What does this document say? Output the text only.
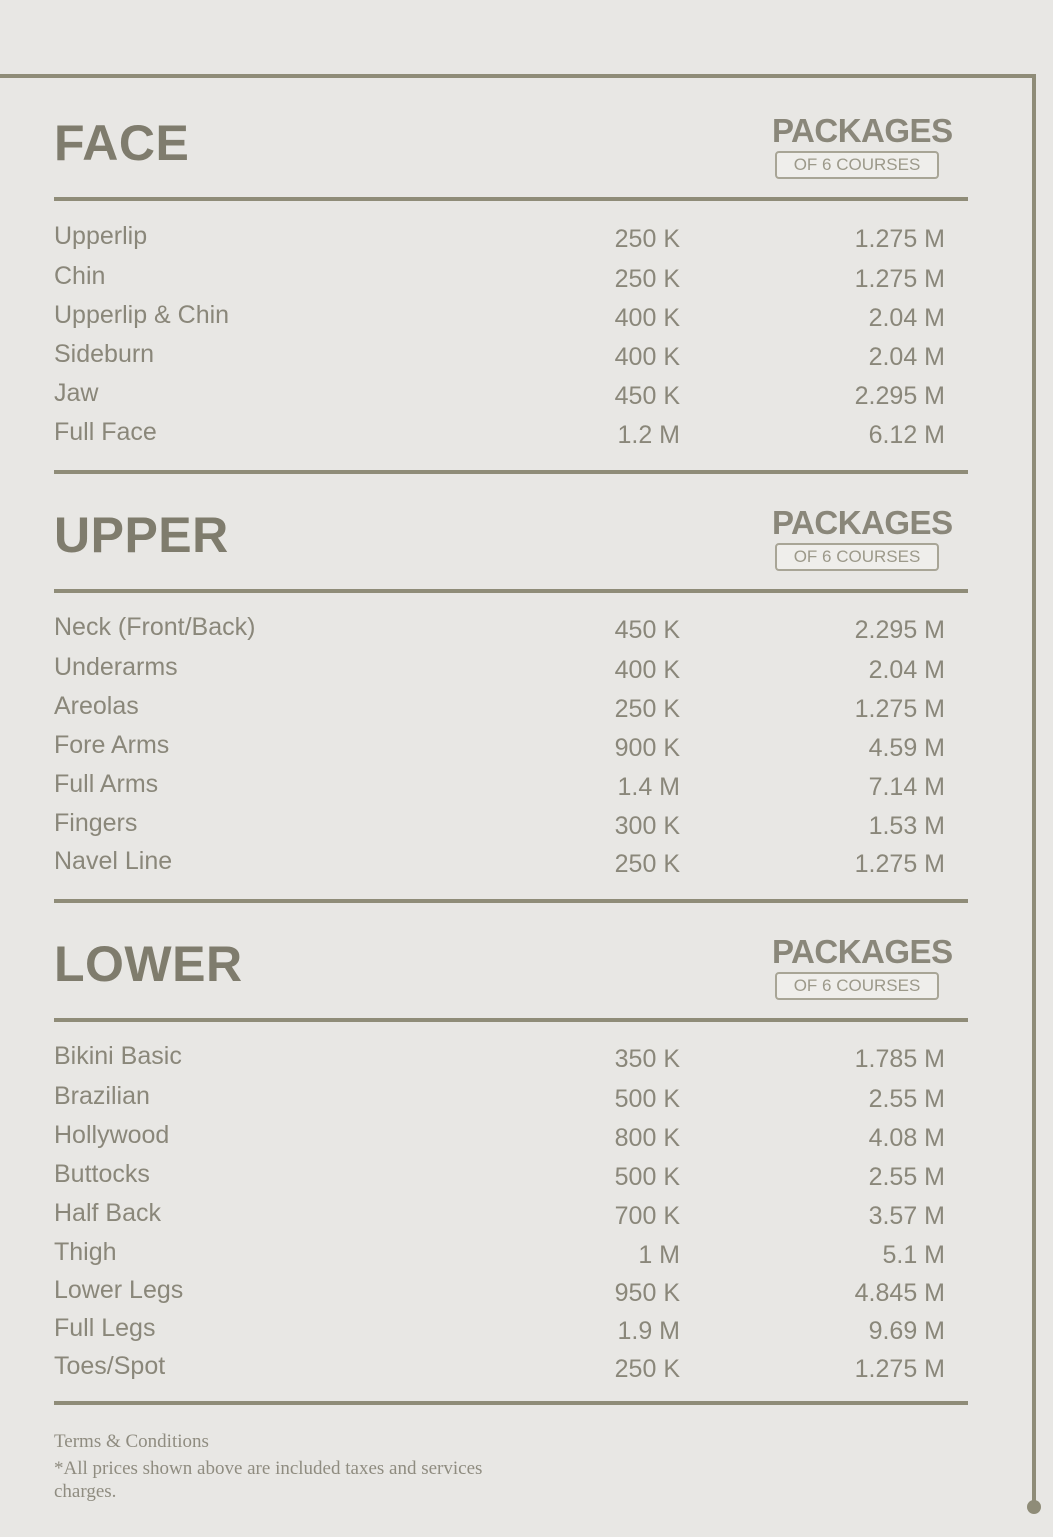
FACE	PACKAGES
OF 6 COURSES
Upperlip	250 K	1.275 M
Chin	250 K	1.275 M
Upperlip & Chin	400 K	2.04 M
Sideburn	400 K	2.04 M
Jaw	450 K	2.295 M
Full Face	1.2 M	6.12 M
UPPER	PACKAGES
OF 6 COURSES
Neck (Front/Back)	450 K	2.295 M
Underarms	400 K	2.04 M
Areolas	250 K	1.275 M
Fore Arms	900 K	4.59 M
Full Arms	1.4 M	7.14 M
Fingers	300 K	1.53 M
Navel Line	250 K	1.275 M
LOWER	PACKAGES
OF 6 COURSES
Bikini Basic	350 K	1.785 M
Brazilian	500 K	2.55 M
Hollywood	800 K	4.08 M
Buttocks	500 K	2.55 M
Half Back	700 K	3.57 M
Thigh	1 M	5.1 M
Lower Legs	950 K	4.845 M
Full Legs	1.9 M	9.69 M
Toes/Spot	250 K	1.275 M
Terms & Conditions
*All prices shown above are included taxes and services charges.
